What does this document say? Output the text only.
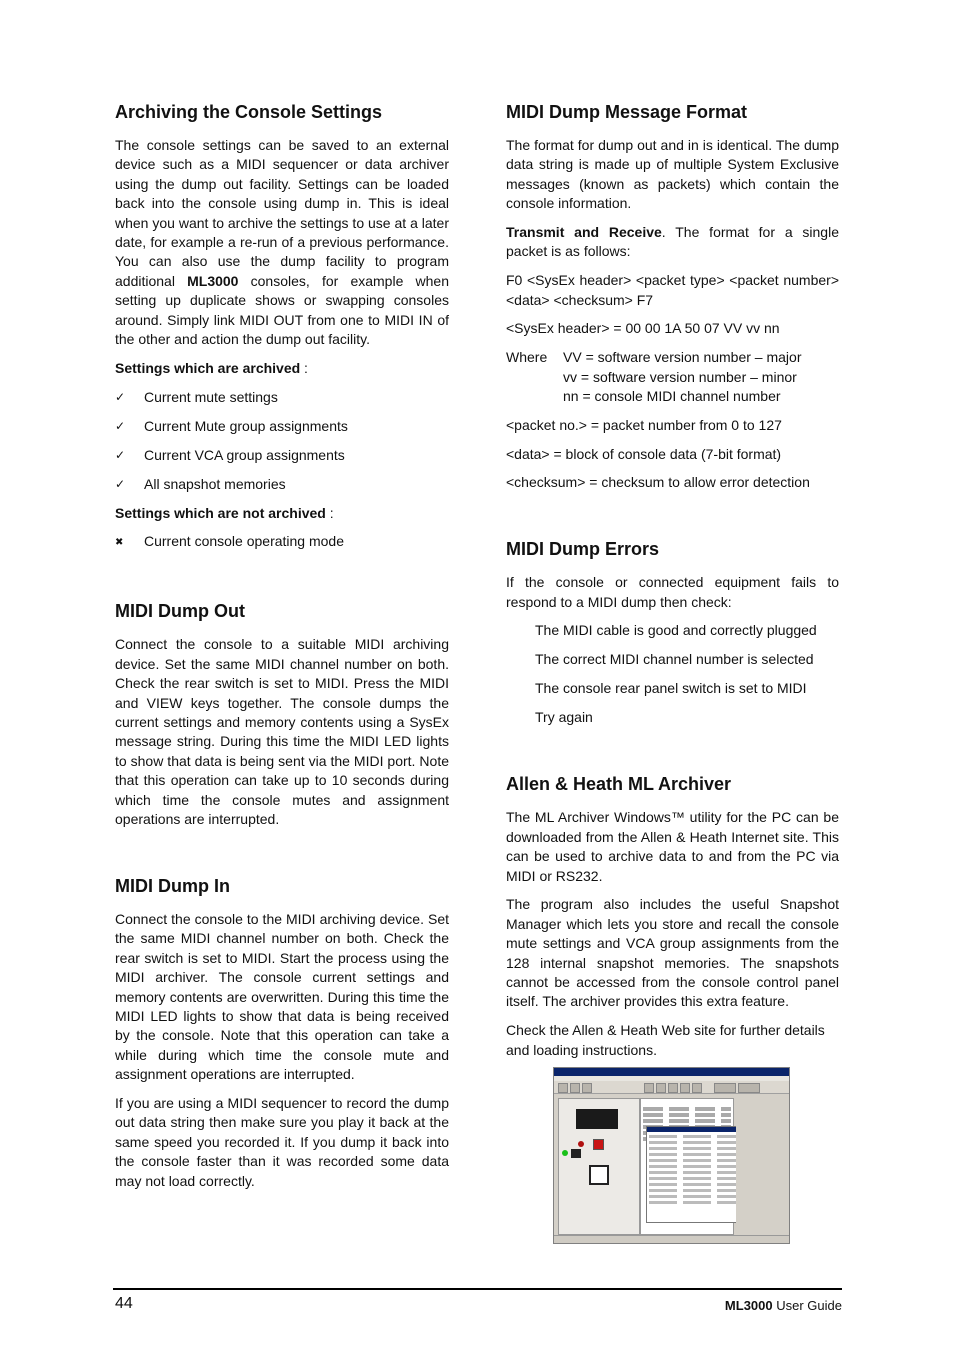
Archiving the Console Settings

The console settings can be saved to an external device such as a MIDI sequencer or data archiver using the dump out facility. Settings can be loaded back into the console using dump in. This is ideal when you want to archive the settings to use at a later date, for example a re-run of a previous performance. You can also use the dump facility to program additional ML3000 consoles, for example when setting up duplicate shows or swapping consoles around. Simply link MIDI OUT from one to MIDI IN of the other and action the dump out facility.

Settings which are archived :
✓ Current mute settings
✓ Current Mute group assignments
✓ Current VCA group assignments
✓ All snapshot memories
Settings which are not archived :
✖ Current console operating mode
MIDI Dump Out

Connect the console to a suitable MIDI archiving device. Set the same MIDI channel number on both. Check the rear switch is set to MIDI. Press the MIDI and VIEW keys together. The console dumps the current settings and memory contents using a SysEx message string. During this time the MIDI LED lights to show that data is being sent via the MIDI port. Note that this operation can take up to 10 seconds during which time the console mutes and assignment operations are interrupted.

MIDI Dump In

Connect the console to the MIDI archiving device. Set the same MIDI channel number on both. Check the rear switch is set to MIDI. Start the process using the MIDI archiver. The console current settings and memory contents are overwritten. During this time the MIDI LED lights to show that data is being received by the console. Note that this operation can take a while during which time the console mute and assignment operations are interrupted.

If you are using a MIDI sequencer to record the dump out data string then make sure you play it back at the same speed you recorded it. If you dump it back into the console faster than it was recorded some data may not load correctly.

MIDI Dump Message Format

The format for dump out and in is identical. The dump data string is made up of multiple System Exclusive messages (known as packets) which contain the console information.

Transmit and Receive. The format for a single packet is as follows:

F0 <SysEx header> <packet type> <packet number> <data> <checksum> F7

<SysEx header> = 00 00 1A 50 07 VV vv nn

Where	VV = software version number – major
vv = software version number – minor
nn = console MIDI channel number

<packet no.> = packet number from 0 to 127

<data> = block of console data (7-bit format)

<checksum> = checksum to allow error detection

MIDI Dump Errors

If the console or connected equipment fails to respond to a MIDI dump then check:

The MIDI cable is good and correctly plugged
The correct MIDI channel number is selected
The console rear panel switch is set to MIDI
Try again
Allen & Heath ML Archiver

The ML Archiver Windows™ utility for the PC can be downloaded from the Allen & Heath Internet site. This can be used to archive data to and from the PC via MIDI or RS232.

The program also includes the useful Snapshot Manager which lets you store and recall the console mute settings and VCA group assignments from the 128 internal snapshot memories. The snapshots cannot be accessed from the console control panel itself. The archiver provides this extra feature.

Check the Allen & Heath Web site for further details and loading instructions.

44	ML3000 User Guide
